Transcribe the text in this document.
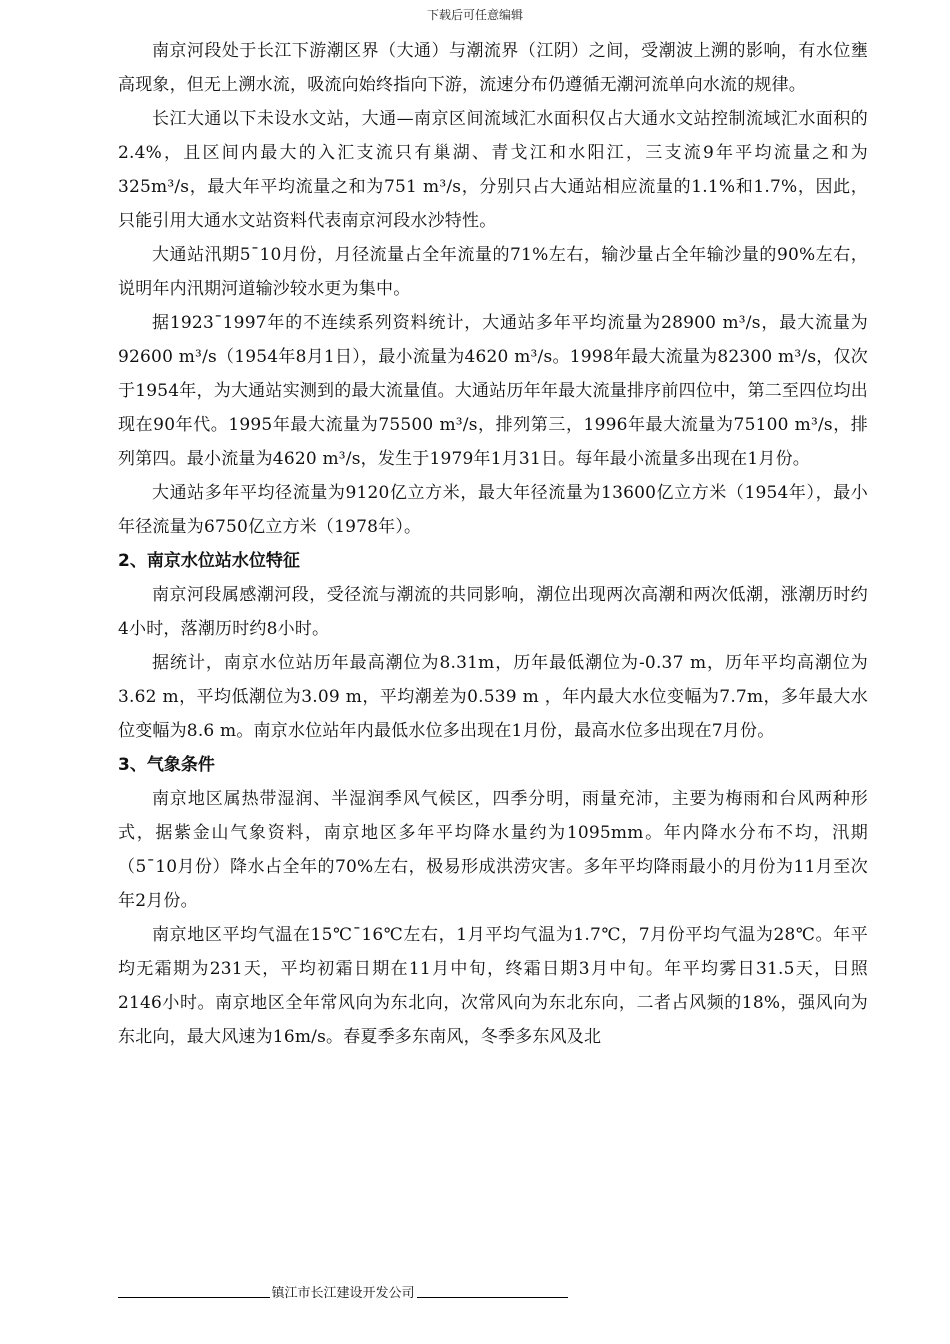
下载后可任意编辑

南京河段处于长江下游潮区界（大通）与潮流界（江阴）之间，受潮波上溯的影响，有水位壅高现象，但无上溯水流，吸流向始终指向下游，流速分布仍遵循无潮河流单向水流的规律。

长江大通以下未设水文站，大通—南京区间流域汇水面积仅占大通水文站控制流域汇水面积的2.4%，且区间内最大的入汇支流只有巢湖、青戈江和水阳江，三支流9年平均流量之和为325m³/s，最大年平均流量之和为751 m³/s，分别只占大通站相应流量的1.1%和1.7%，因此，只能引用大通水文站资料代表南京河段水沙特性。

大通站汛期5¯10月份，月径流量占全年流量的71%左右，输沙量占全年输沙量的90%左右，说明年内汛期河道输沙较水更为集中。

据1923¯1997年的不连续系列资料统计，大通站多年平均流量为28900 m³/s，最大流量为92600 m³/s（1954年8月1日），最小流量为4620 m³/s。1998年最大流量为82300 m³/s，仅次于1954年，为大通站实测到的最大流量值。大通站历年年最大流量排序前四位中，第二至四位均出现在90年代。1995年最大流量为75500 m³/s，排列第三，1996年最大流量为75100 m³/s，排列第四。最小流量为4620 m³/s，发生于1979年1月31日。每年最小流量多出现在1月份。

大通站多年平均径流量为9120亿立方米，最大年径流量为13600亿立方米（1954年），最小年径流量为6750亿立方米（1978年）。

2、南京水位站水位特征

南京河段属感潮河段，受径流与潮流的共同影响，潮位出现两次高潮和两次低潮，涨潮历时约4小时，落潮历时约8小时。

据统计，南京水位站历年最高潮位为8.31m，历年最低潮位为-0.37 m，历年平均高潮位为3.62 m，平均低潮位为3.09 m，平均潮差为0.539 m ，年内最大水位变幅为7.7m，多年最大水位变幅为8.6 m。南京水位站年内最低水位多出现在1月份，最高水位多出现在7月份。

3、气象条件

南京地区属热带湿润、半湿润季风气候区，四季分明，雨量充沛，主要为梅雨和台风两种形式，据紫金山气象资料，南京地区多年平均降水量约为1095mm。年内降水分布不均，汛期（5¯10月份）降水占全年的70%左右，极易形成洪涝灾害。多年平均降雨最小的月份为11月至次年2月份。

南京地区平均气温在15℃¯16℃左右，1月平均气温为1.7℃，7月份平均气温为28℃。年平均无霜期为231天，平均初霜日期在11月中旬，终霜日期3月中旬。年平均雾日31.5天，日照2146小时。南京地区全年常风向为东北向，次常风向为东北东向，二者占风频的18%，强风向为东北向，最大风速为16m/s。春夏季多东南风，冬季多东风及北

镇江市长江建设开发公司
